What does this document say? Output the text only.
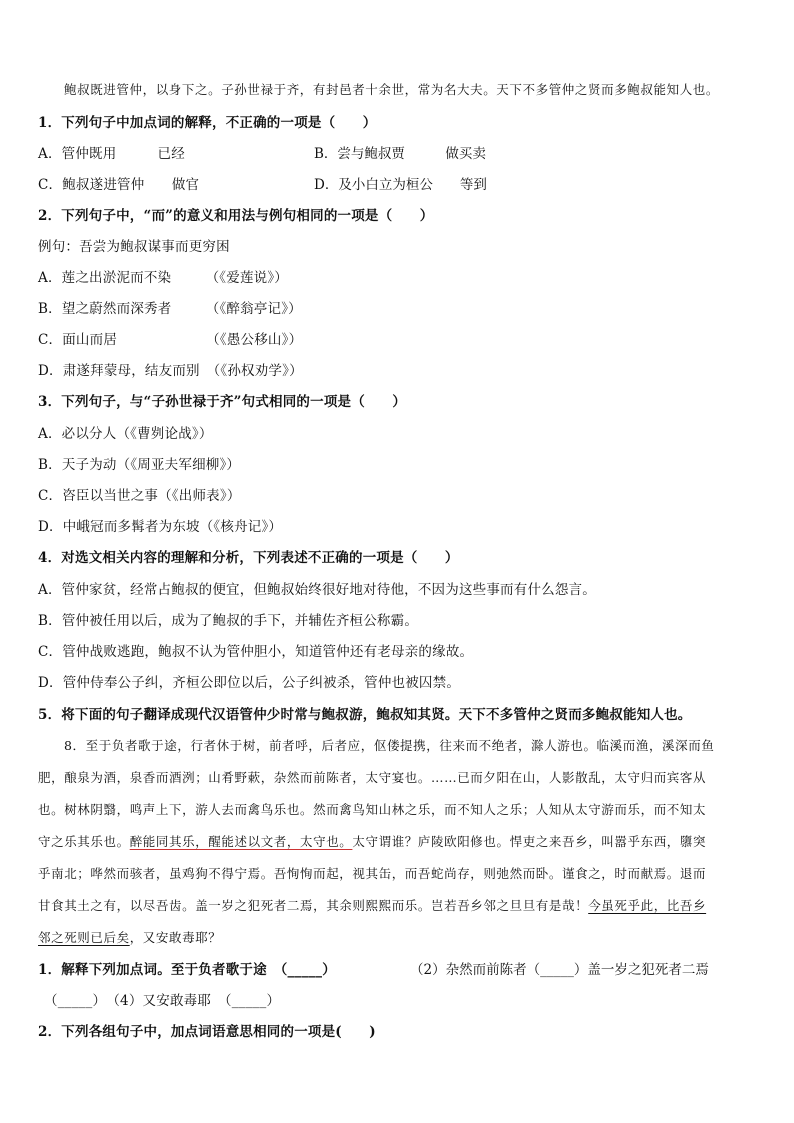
鲍叔既进管仲，以身下之。子孙世禄于齐，有封邑者十余世，常为名大夫。天下不多管仲之贤而多鲍叔能知人也。
1．下列句子中加点词的解释，不正确的一项是（　　）
A．管仲既用　　　已经	B．尝与鲍叔贾　　　做买卖
C．鲍叔遂进管仲　　做官	D．及小白立为桓公　　等到
2．下列句子中，“而”的意义和用法与例句相同的一项是（　　）
例句：吾尝为鲍叔谋事而更穷困
A．莲之出淤泥而不染　　　（《爱莲说》）
B．望之蔚然而深秀者　　　（《醉翁亭记》）
C．面山而居　　　　　　　（《愚公移山》）
D．肃遂拜蒙母，结友而别　（《孙权劝学》）
3．下列句子，与“子孙世禄于齐”句式相同的一项是（　　）
A．必以分人（《曹刿论战》）
B．天子为动（《周亚夫军细柳》）
C．咨臣以当世之事（《出师表》）
D．中峨冠而多髯者为东坡（《核舟记》）
4．对选文相关内容的理解和分析，下列表述不正确的一项是（　　）
A．管仲家贫，经常占鲍叔的便宜，但鲍叔始终很好地对待他，不因为这些事而有什么怨言。
B．管仲被任用以后，成为了鲍叔的手下，并辅佐齐桓公称霸。
C．管仲战败逃跑，鲍叔不认为管仲胆小，知道管仲还有老母亲的缘故。
D．管仲侍奉公子纠，齐桓公即位以后，公子纠被杀，管仲也被囚禁。
5．将下面的句子翻译成现代汉语管仲少时常与鲍叔游，鲍叔知其贤。天下不多管仲之贤而多鲍叔能知人也。
8．至于负者歌于途，行者休于树，前者呼，后者应，伛偻提携，往来而不绝者，滁人游也。临溪而渔，溪深而鱼
肥，酿泉为酒，泉香而酒洌；山肴野蔌，杂然而前陈者，太守宴也。……已而夕阳在山，人影散乱，太守归而宾客从
也。树林阴翳，鸣声上下，游人去而禽鸟乐也。然而禽鸟知山林之乐，而不知人之乐；人知从太守游而乐，而不知太
守之乐其乐也。醉能同其乐，醒能述以文者，太守也。太守谓谁？庐陵欧阳修也。悍吏之来吾乡，叫嚣乎东西，隳突
乎南北；哗然而骇者，虽鸡狗不得宁焉。吾恂恂而起，视其缶，而吾蛇尚存，则弛然而卧。谨食之，时而献焉。退而
甘食其土之有，以尽吾齿。盖一岁之犯死者二焉，其余则熙熙而乐。岂若吾乡邻之旦旦有是哉！今虽死乎此，比吾乡
邻之死则已后矣，又安敢毒耶？
1．解释下列加点词。至于负者歌于途　（_____）	（2）杂然而前陈者（_____）盖一岁之犯死者二焉
（_____）　（4）又安敢毒耶　（_____）
2．下列各组句子中，加点词语意思相同的一项是(　　)
